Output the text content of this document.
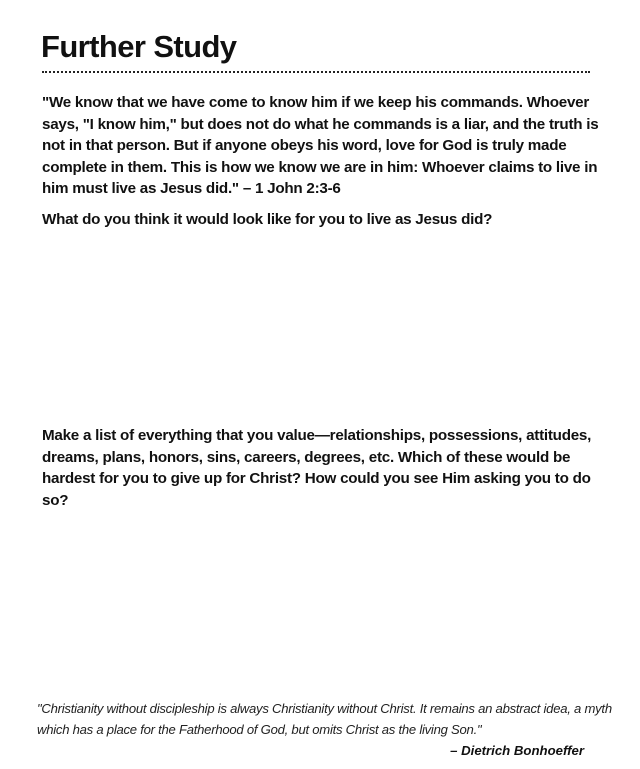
Further Study

"We know that we have come to know him if we keep his commands. Whoever says, "I know him," but does not do what he commands is a liar, and the truth is not in that person. But if anyone obeys his word, love for God is truly made complete in them. This is how we know we are in him: Whoever claims to live in him must live as Jesus did." – 1 John 2:3-6

What do you think it would look like for you to live as Jesus did?

Make a list of everything that you value—relationships, possessions, attitudes, dreams, plans, honors, sins, careers, degrees, etc. Which of these would be hardest for you to give up for Christ? How could you see Him asking you to do so?

"Christianity without discipleship is always Christianity without Christ. It remains an abstract idea, a myth which has a place for the Fatherhood of God, but omits Christ as the living Son."

– Dietrich Bonhoeffer
